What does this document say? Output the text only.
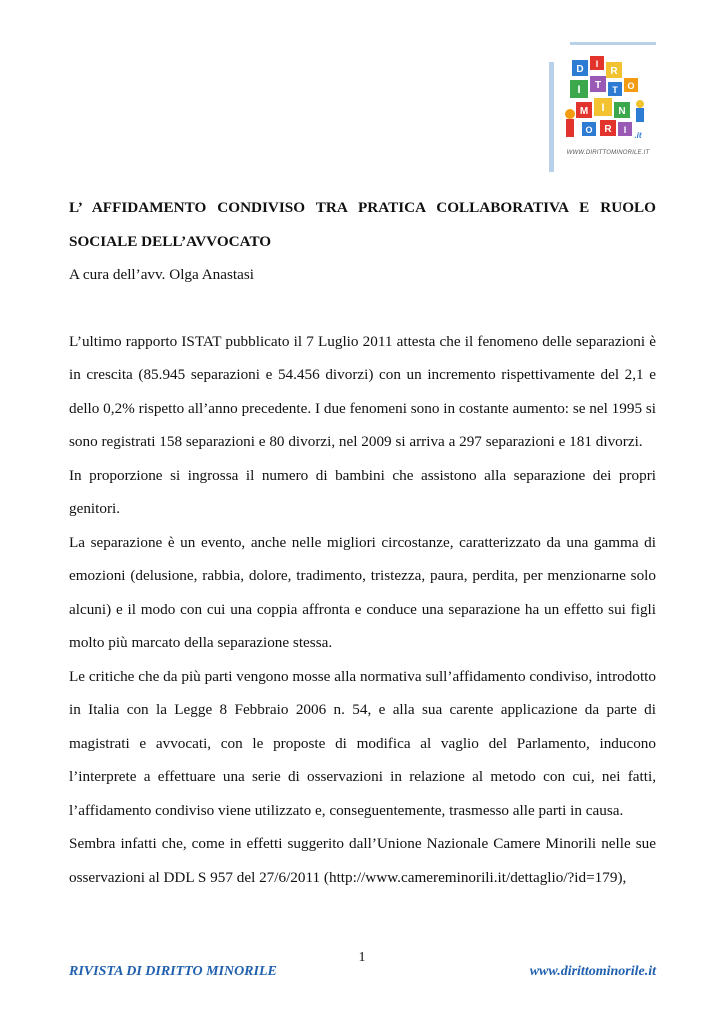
D I
R
I T T O
M I N
O R I
.it
WWW.DIRITTOMINORILE.IT

L’ AFFIDAMENTO CONDIVISO TRA PRATICA COLLABORATIVA E RUOLO

SOCIALE DELL’AVVOCATO

A cura dell’avv. Olga Anastasi

L’ultimo rapporto ISTAT pubblicato il 7 Luglio 2011 attesta che il fenomeno delle separazioni è in crescita (85.945 separazioni e 54.456 divorzi) con un incremento rispettivamente del 2,1 e dello 0,2% rispetto all’anno precedente. I due fenomeni sono in costante aumento: se nel 1995 si sono registrati 158 separazioni e 80 divorzi, nel 2009 si arriva a 297 separazioni e 181 divorzi.

In proporzione si ingrossa il numero di bambini che assistono alla separazione dei propri genitori.

La separazione è un evento, anche nelle migliori circostanze, caratterizzato da una gamma di emozioni (delusione, rabbia, dolore, tradimento, tristezza, paura, perdita, per menzionarne solo alcuni) e il modo con cui una coppia affronta e conduce una separazione ha un effetto sui figli molto più marcato della separazione stessa.

Le critiche che da più parti vengono mosse alla normativa sull’affidamento condiviso, introdotto in Italia con la Legge 8 Febbraio 2006 n. 54, e alla sua carente applicazione da parte di magistrati e avvocati, con le proposte di modifica al vaglio del Parlamento, inducono l’interprete a effettuare una serie di osservazioni in relazione al metodo con cui, nei fatti, l’affidamento condiviso viene utilizzato e, conseguentemente, trasmesso alle parti in causa.

Sembra infatti che, come in effetti suggerito dall’Unione Nazionale Camere Minorili nelle sue osservazioni al DDL S 957 del 27/6/2011 (http://www.camereminorili.it/dettaglio/?id=179),

1
RIVISTA DI DIRITTO MINORILE	www.dirittominorile.it
